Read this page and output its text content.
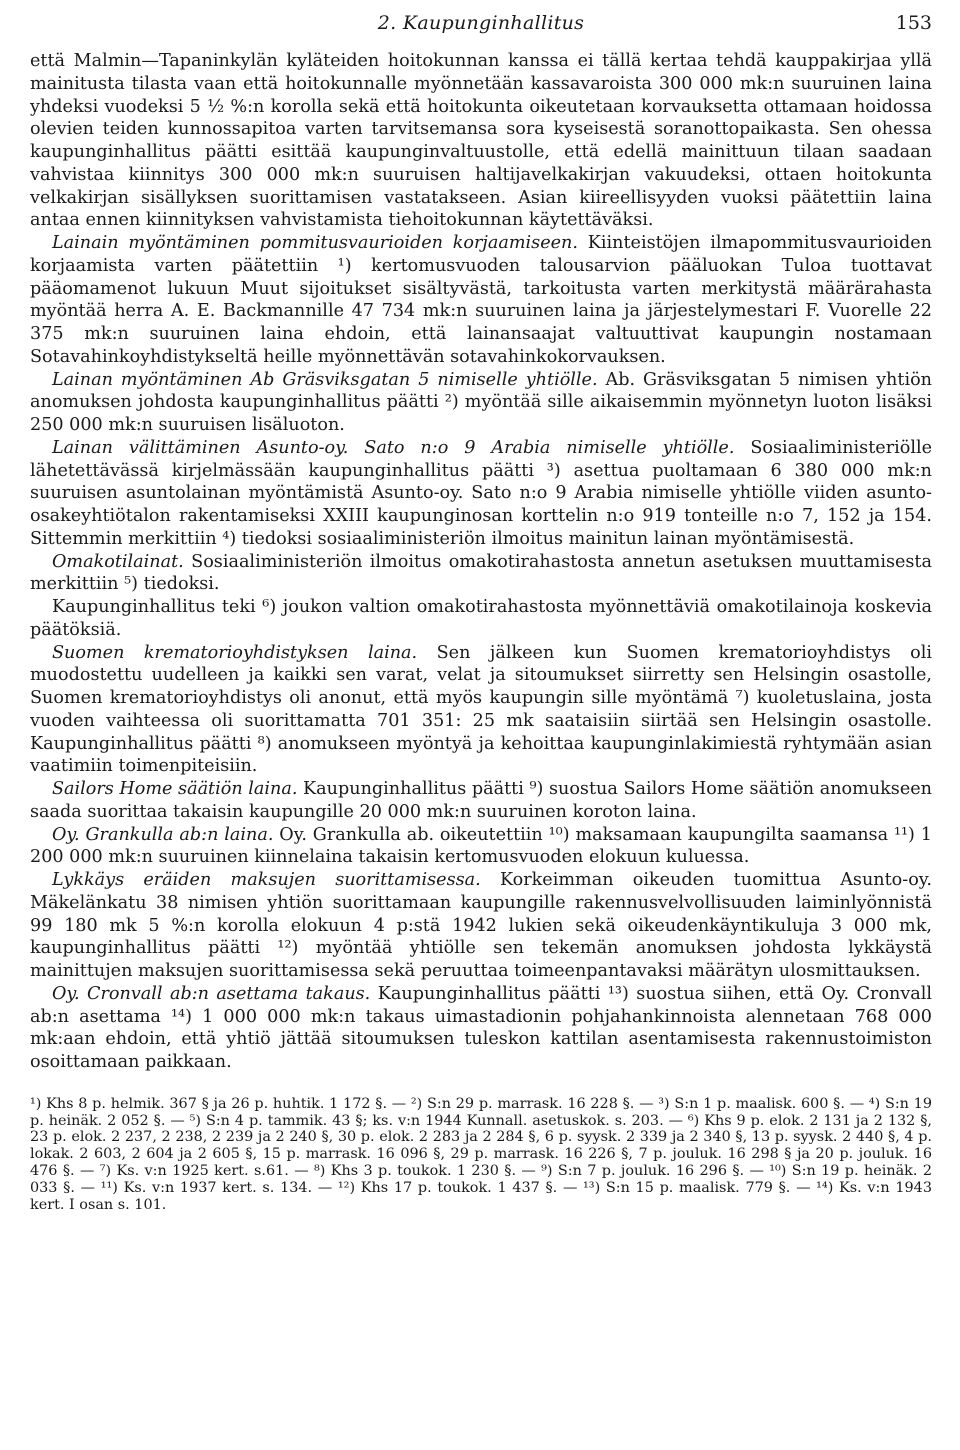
2. Kaupunginhallitus	153

että Malmin—Tapaninkylän kyläteiden hoitokunnan kanssa ei tällä kertaa tehdä kauppakirjaa yllä mainitusta tilasta vaan että hoitokunnalle myönnetään kassavaroista 300 000 mk:n suuruinen laina yhdeksi vuodeksi 5 ½ %:n korolla sekä että hoitokunta oikeutetaan korvauksetta ottamaan hoidossa olevien teiden kunnossapitoa varten tarvitsemansa sora kyseisestä soranottopaikasta. Sen ohessa kaupunginhallitus päätti esittää kaupunginvaltuustolle, että edellä mainittuun tilaan saadaan vahvistaa kiinnitys 300 000 mk:n suuruisen haltijavelkakirjan vakuudeksi, ottaen hoitokunta velkakirjan sisällyksen suorittamisen vastatakseen. Asian kiireellisyyden vuoksi päätettiin laina antaa ennen kiinnityksen vahvistamista tiehoitokunnan käytettäväksi.

Lainain myöntäminen pommitusvaurioiden korjaamiseen. Kiinteistöjen ilmapommitusvaurioiden korjaamista varten päätettiin ¹) kertomusvuoden talousarvion pääluokan Tuloa tuottavat pääomamenot lukuun Muut sijoitukset sisältyvästä, tarkoitusta varten merkitystä määrärahasta myöntää herra A. E. Backmannille 47 734 mk:n suuruinen laina ja järjestelymestari F. Vuorelle 22 375 mk:n suuruinen laina ehdoin, että lainansaajat valtuuttivat kaupungin nostamaan Sotavahinkoyhdistykseltä heille myönnettävän sotavahinkokorvauksen.

Lainan myöntäminen Ab Gräsviksgatan 5 nimiselle yhtiölle. Ab. Gräsviksgatan 5 nimisen yhtiön anomuksen johdosta kaupunginhallitus päätti ²) myöntää sille aikaisemmin myönnetyn luoton lisäksi 250 000 mk:n suuruisen lisäluoton.

Lainan välittäminen Asunto-oy. Sato n:o 9 Arabia nimiselle yhtiölle. Sosiaaliministeriölle lähetettävässä kirjelmässään kaupunginhallitus päätti ³) asettua puoltamaan 6 380 000 mk:n suuruisen asuntolainan myöntämistä Asunto-oy. Sato n:o 9 Arabia nimiselle yhtiölle viiden asunto-osakeyhtiötalon rakentamiseksi XXIII kaupunginosan korttelin n:o 919 tonteille n:o 7, 152 ja 154. Sittemmin merkittiin ⁴) tiedoksi sosiaaliministeriön ilmoitus mainitun lainan myöntämisestä.

Omakotilainat. Sosiaaliministeriön ilmoitus omakotirahastosta annetun asetuksen muuttamisesta merkittiin ⁵) tiedoksi.

Kaupunginhallitus teki ⁶) joukon valtion omakotirahastosta myönnettäviä omakotilainoja koskevia päätöksiä.

Suomen krematorioyhdistyksen laina. Sen jälkeen kun Suomen krematorioyhdistys oli muodostettu uudelleen ja kaikki sen varat, velat ja sitoumukset siirretty sen Helsingin osastolle, Suomen krematorioyhdistys oli anonut, että myös kaupungin sille myöntämä ⁷) kuoletuslaina, josta vuoden vaihteessa oli suorittamatta 701 351: 25 mk saataisiin siirtää sen Helsingin osastolle. Kaupunginhallitus päätti ⁸) anomukseen myöntyä ja kehoittaa kaupunginlakimiestä ryhtymään asian vaatimiin toimenpiteisiin.

Sailors Home säätiön laina. Kaupunginhallitus päätti ⁹) suostua Sailors Home säätiön anomukseen saada suorittaa takaisin kaupungille 20 000 mk:n suuruinen koroton laina.

Oy. Grankulla ab:n laina. Oy. Grankulla ab. oikeutettiin ¹⁰) maksamaan kaupungilta saamansa ¹¹) 1 200 000 mk:n suuruinen kiinnelaina takaisin kertomusvuoden elokuun kuluessa.

Lykkäys eräiden maksujen suorittamisessa. Korkeimman oikeuden tuomittua Asunto-oy. Mäkelänkatu 38 nimisen yhtiön suorittamaan kaupungille rakennusvelvollisuuden laiminlyönnistä 99 180 mk 5 %:n korolla elokuun 4 p:stä 1942 lukien sekä oikeudenkäyntikuluja 3 000 mk, kaupunginhallitus päätti ¹²) myöntää yhtiölle sen tekemän anomuksen johdosta lykkäystä mainittujen maksujen suorittamisessa sekä peruuttaa toimeenpantavaksi määrätyn ulosmittauksen.

Oy. Cronvall ab:n asettama takaus. Kaupunginhallitus päätti ¹³) suostua siihen, että Oy. Cronvall ab:n asettama ¹⁴) 1 000 000 mk:n takaus uimastadionin pohjahankinnoista alennetaan 768 000 mk:aan ehdoin, että yhtiö jättää sitoumuksen tuleskon kattilan asentamisesta rakennustoimiston osoittamaan paikkaan.

¹) Khs 8 p. helmik. 367 § ja 26 p. huhtik. 1 172 §. — ²) S:n 29 p. marrask. 16 228 §. — ³) S:n 1 p. maalisk. 600 §. — ⁴) S:n 19 p. heinäk. 2 052 §. — ⁵) S:n 4 p. tammik. 43 §; ks. v:n 1944 Kunnall. asetuskok. s. 203. — ⁶) Khs 9 p. elok. 2 131 ja 2 132 §, 23 p. elok. 2 237, 2 238, 2 239 ja 2 240 §, 30 p. elok. 2 283 ja 2 284 §, 6 p. syysk. 2 339 ja 2 340 §, 13 p. syysk. 2 440 §, 4 p. lokak. 2 603, 2 604 ja 2 605 §, 15 p. marrask. 16 096 §, 29 p. marrask. 16 226 §, 7 p. jouluk. 16 298 § ja 20 p. jouluk. 16 476 §. — ⁷) Ks. v:n 1925 kert. s.61. — ⁸) Khs 3 p. toukok. 1 230 §. — ⁹) S:n 7 p. jouluk. 16 296 §. — ¹⁰) S:n 19 p. heinäk. 2 033 §. — ¹¹) Ks. v:n 1937 kert. s. 134. — ¹²) Khs 17 p. toukok. 1 437 §. — ¹³) S:n 15 p. maalisk. 779 §. — ¹⁴) Ks. v:n 1943 kert. I osan s. 101.
